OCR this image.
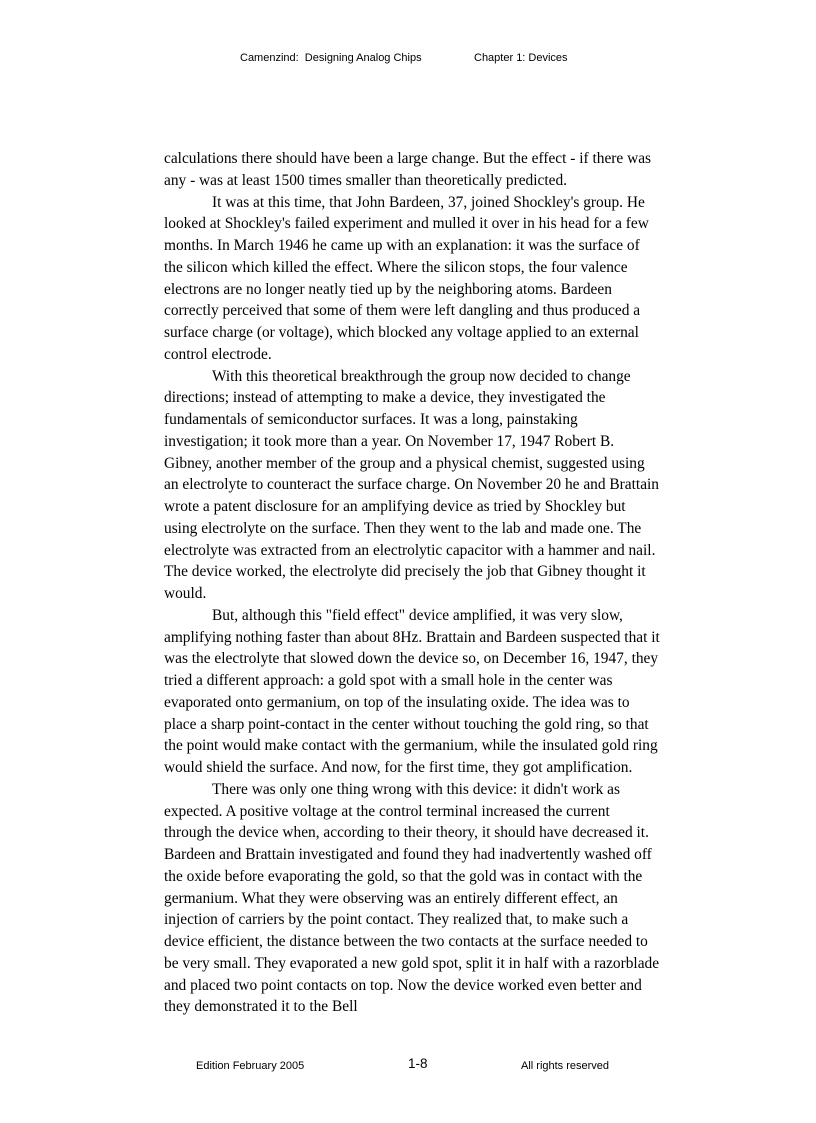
Camenzind:  Designing Analog Chips	Chapter 1: Devices

calculations there should have been a large change. But the effect - if there was any - was at least 1500 times smaller than theoretically predicted.

It was at this time, that John Bardeen, 37, joined Shockley's group. He looked at Shockley's failed experiment and mulled it over in his head for a few months. In March 1946 he came up with an explanation: it was the surface of the silicon which killed the effect. Where the silicon stops, the four valence electrons are no longer neatly tied up by the neighboring atoms. Bardeen correctly perceived that some of them were left dangling and thus produced a surface charge (or voltage), which blocked any voltage applied to an external control electrode.

With this theoretical breakthrough the group now decided to change directions; instead of attempting to make a device, they investigated the fundamentals of semiconductor surfaces. It was a long, painstaking investigation; it took more than a year. On November 17, 1947 Robert B. Gibney, another member of the group and a physical chemist, suggested using an electrolyte to counteract the surface charge. On November 20 he and Brattain wrote a patent disclosure for an amplifying device as tried by Shockley but using electrolyte on the surface. Then they went to the lab and made one. The electrolyte was extracted from an electrolytic capacitor with a hammer and nail. The device worked, the electrolyte did precisely the job that Gibney thought it would.

But, although this "field effect" device amplified, it was very slow, amplifying nothing faster than about 8Hz. Brattain and Bardeen suspected that it was the electrolyte that slowed down the device so, on December 16, 1947, they tried a different approach: a gold spot with a small hole in the center was evaporated onto germanium, on top of the insulating oxide. The idea was to place a sharp point-contact in the center without touching the gold ring, so that the point would make contact with the germanium, while the insulated gold ring would shield the surface. And now, for the first time, they got amplification.

There was only one thing wrong with this device: it didn't work as expected. A positive voltage at the control terminal increased the current through the device when, according to their theory, it should have decreased it. Bardeen and Brattain investigated and found they had inadvertently washed off the oxide before evaporating the gold, so that the gold was in contact with the germanium. What they were observing was an entirely different effect, an injection of carriers by the point contact. They realized that, to make such a device efficient, the distance between the two contacts at the surface needed to be very small. They evaporated a new gold spot, split it in half with a razorblade and placed two point contacts on top. Now the device worked even better and they demonstrated it to the Bell

Edition February 2005	1-8	All rights reserved
